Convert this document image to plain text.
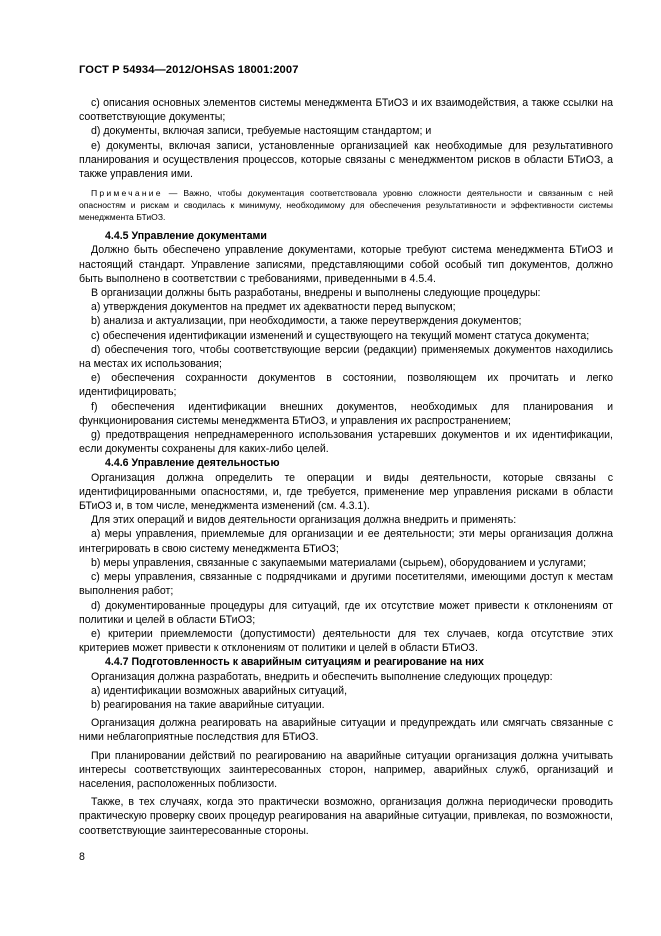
ГОСТ Р 54934—2012/OHSAS 18001:2007

c) описания основных элементов системы менеджмента БТиОЗ и их взаимодействия, а также ссылки на соответствующие документы;

d) документы, включая записи, требуемые настоящим стандартом; и

e) документы, включая записи, установленные организацией как необходимые для результативного планирования и осуществления процессов, которые связаны с менеджментом рисков в области БТиОЗ, а также управления ими.

Примечание — Важно, чтобы документация соответствовала уровню сложности деятельности и связанным с ней опасностям и рискам и сводилась к минимуму, необходимому для обеспечения результативности и эффективности системы менеджмента БТиОЗ.

4.4.5 Управление документами

Должно быть обеспечено управление документами, которые требуют система менеджмента БТиОЗ и настоящий стандарт. Управление записями, представляющими собой особый тип документов, должно быть выполнено в соответствии с требованиями, приведенными в 4.5.4.

В организации должны быть разработаны, внедрены и выполнены следующие процедуры:

a) утверждения документов на предмет их адекватности перед выпуском;

b) анализа и актуализации, при необходимости, а также переутверждения документов;

c) обеспечения идентификации изменений и существующего на текущий момент статуса документа;

d) обеспечения того, чтобы соответствующие версии (редакции) применяемых документов находились на местах их использования;

e) обеспечения сохранности документов в состоянии, позволяющем их прочитать и легко идентифицировать;

f) обеспечения идентификации внешних документов, необходимых для планирования и функционирования системы менеджмента БТиОЗ, и управления их распространением;

g) предотвращения непреднамеренного использования устаревших документов и их идентификации, если документы сохранены для каких-либо целей.

4.4.6 Управление деятельностью

Организация должна определить те операции и виды деятельности, которые связаны с идентифицированными опасностями, и, где требуется, применение мер управления рисками в области БТиОЗ и, в том числе, менеджмента изменений (см. 4.3.1).

Для этих операций и видов деятельности организация должна внедрить и применять:

a) меры управления, приемлемые для организации и ее деятельности; эти меры организация должна интегрировать в свою систему менеджмента БТиОЗ;

b) меры управления, связанные с закупаемыми материалами (сырьем), оборудованием и услугами;

c) меры управления, связанные с подрядчиками и другими посетителями, имеющими доступ к местам выполнения работ;

d) документированные процедуры для ситуаций, где их отсутствие может привести к отклонениям от политики и целей в области БТиОЗ;

e) критерии приемлемости (допустимости) деятельности для тех случаев, когда отсутствие этих критериев может привести к отклонениям от политики и целей в области БТиОЗ.

4.4.7 Подготовленность к аварийным ситуациям и реагирование на них

Организация должна разработать, внедрить и обеспечить выполнение следующих процедур:

a) идентификации возможных аварийных ситуаций,

b) реагирования на такие аварийные ситуации.

Организация должна реагировать на аварийные ситуации и предупреждать или смягчать связанные с ними неблагоприятные последствия для БТиОЗ.

При планировании действий по реагированию на аварийные ситуации организация должна учитывать интересы соответствующих заинтересованных сторон, например, аварийных служб, организаций и населения, расположенных поблизости.

Также, в тех случаях, когда это практически возможно, организация должна периодически проводить практическую проверку своих процедур реагирования на аварийные ситуации, привлекая, по возможности, соответствующие заинтересованные стороны.

8
